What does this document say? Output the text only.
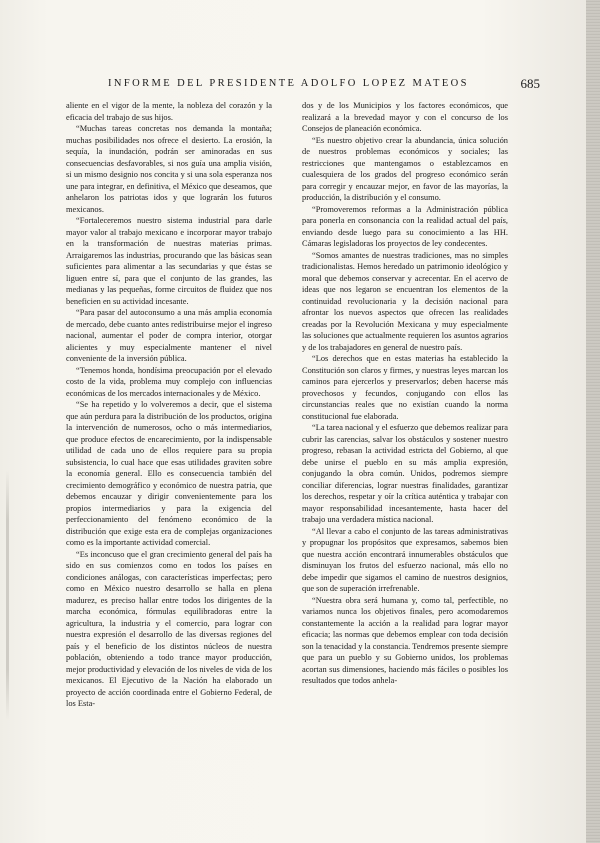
INFORME DEL PRESIDENTE ADOLFO LOPEZ MATEOS	685

aliente en el vigor de la mente, la nobleza del corazón y la eficacia del trabajo de sus hijos.

“Muchas tareas concretas nos demanda la montaña; muchas posibilidades nos ofrece el desierto. La erosión, la sequía, la inundación, podrán ser aminoradas en sus consecuencias desfavorables, si nos guía una amplia visión, si un mismo designio nos concita y si una sola esperanza nos une para integrar, en definitiva, el México que deseamos, que anhelaron los patriotas idos y que lograrán los futuros mexicanos.

“Fortaleceremos nuestro sistema industrial para darle mayor valor al trabajo mexicano e incorporar mayor trabajo en la transformación de nuestras materias primas. Arraigaremos las industrias, procurando que las básicas sean suficientes para alimentar a las secundarias y que éstas se liguen entre sí, para que el conjunto de las grandes, las medianas y las pequeñas, forme circuitos de fluidez que nos beneficien en su actividad incesante.

“Para pasar del autoconsumo a una más amplia economía de mercado, debe cuanto antes redistribuirse mejor el ingreso nacional, aumentar el poder de compra interior, otorgar alicientes y muy especialmente mantener el nivel conveniente de la inversión pública.

“Tenemos honda, hondísima preocupación por el elevado costo de la vida, problema muy complejo con influencias económicas de los mercados internacionales y de México.

“Se ha repetido y lo volveremos a decir, que el sistema que aún perdura para la distribución de los productos, origina la intervención de numerosos, ocho o más intermediarios, que produce efectos de encarecimiento, por la indispensable utilidad de cada uno de ellos requiere para su propia subsistencia, lo cual hace que esas utilidades graviten sobre la economía general. Ello es consecuencia también del crecimiento demográfico y económico de nuestra patria, que debemos encauzar y dirigir convenientemente para los propios intermediarios y para la exigencia del perfeccionamiento del fenómeno económico de la distribución que exige esta era de complejas organizaciones como es la importante actividad comercial.

“Es inconcuso que el gran crecimiento general del país ha sido en sus comienzos como en todos los países en condiciones análogas, con características imperfectas; pero como en México nuestro desarrollo se halla en plena madurez, es preciso hallar entre todos los dirigentes de la marcha económica, fórmulas equilibradoras entre la agricultura, la industria y el comercio, para lograr con nuestra expresión el desarrollo de las diversas regiones del país y el beneficio de los distintos núcleos de nuestra población, obteniendo a todo trance mayor producción, mejor productividad y elevación de los niveles de vida de los mexicanos. El Ejecutivo de la Nación ha elaborado un proyecto de acción coordinada entre el Gobierno Federal, de los Esta-

dos y de los Municipios y los factores económicos, que realizará a la brevedad mayor y con el concurso de los Consejos de planeación económica.

“Es nuestro objetivo crear la abundancia, única solución de nuestros problemas económicos y sociales; las restricciones que mantengamos o establezcamos en cualesquiera de los grados del progreso económico serán para corregir y encauzar mejor, en favor de las mayorías, la producción, la distribución y el consumo.

“Promoveremos reformas a la Administración pública para ponerla en consonancia con la realidad actual del país, enviando desde luego para su conocimiento a las HH. Cámaras legisladoras los proyectos de ley condecentes.

“Somos amantes de nuestras tradiciones, mas no simples tradicionalistas. Hemos heredado un patrimonio ideológico y moral que debemos conservar y acrecentar. En el acervo de ideas que nos legaron se encuentran los elementos de la continuidad revolucionaria y la decisión nacional para afrontar los nuevos aspectos que ofrecen las realidades creadas por la Revolución Mexicana y muy especialmente las soluciones que actualmente requieren los asuntos agrarios y de los trabajadores en general de nuestro país.

“Los derechos que en estas materias ha establecido la Constitución son claros y firmes, y nuestras leyes marcan los caminos para ejercerlos y preservarlos; deben hacerse más provechosos y fecundos, conjugando con ellos las circunstancias reales que no existían cuando la norma constitucional fue elaborada.

“La tarea nacional y el esfuerzo que debemos realizar para cubrir las carencias, salvar los obstáculos y sostener nuestro progreso, rebasan la actividad estricta del Gobierno, al que debe unirse el pueblo en su más amplia expresión, conjugando la obra común. Unidos, podremos siempre conciliar diferencias, lograr nuestras finalidades, garantizar los derechos, respetar y oír la crítica auténtica y trabajar con mayor responsabilidad incesantemente, hasta hacer del trabajo una verdadera mística nacional.

“Al llevar a cabo el conjunto de las tareas administrativas y propugnar los propósitos que expresamos, sabemos bien que nuestra acción encontrará innumerables obstáculos que disminuyan los frutos del esfuerzo nacional, más ello no debe impedir que sigamos el camino de nuestros designios, que son de superación irrefrenable.

“Nuestra obra será humana y, como tal, perfectible, no variamos nunca los objetivos finales, pero acomodaremos constantemente la acción a la realidad para lograr mayor eficacia; las normas que debemos emplear con toda decisión son la tenacidad y la constancia. Tendremos presente siempre que para un pueblo y su Gobierno unidos, los problemas acortan sus dimensiones, haciendo más fáciles o posibles los resultados que todos anhela-
